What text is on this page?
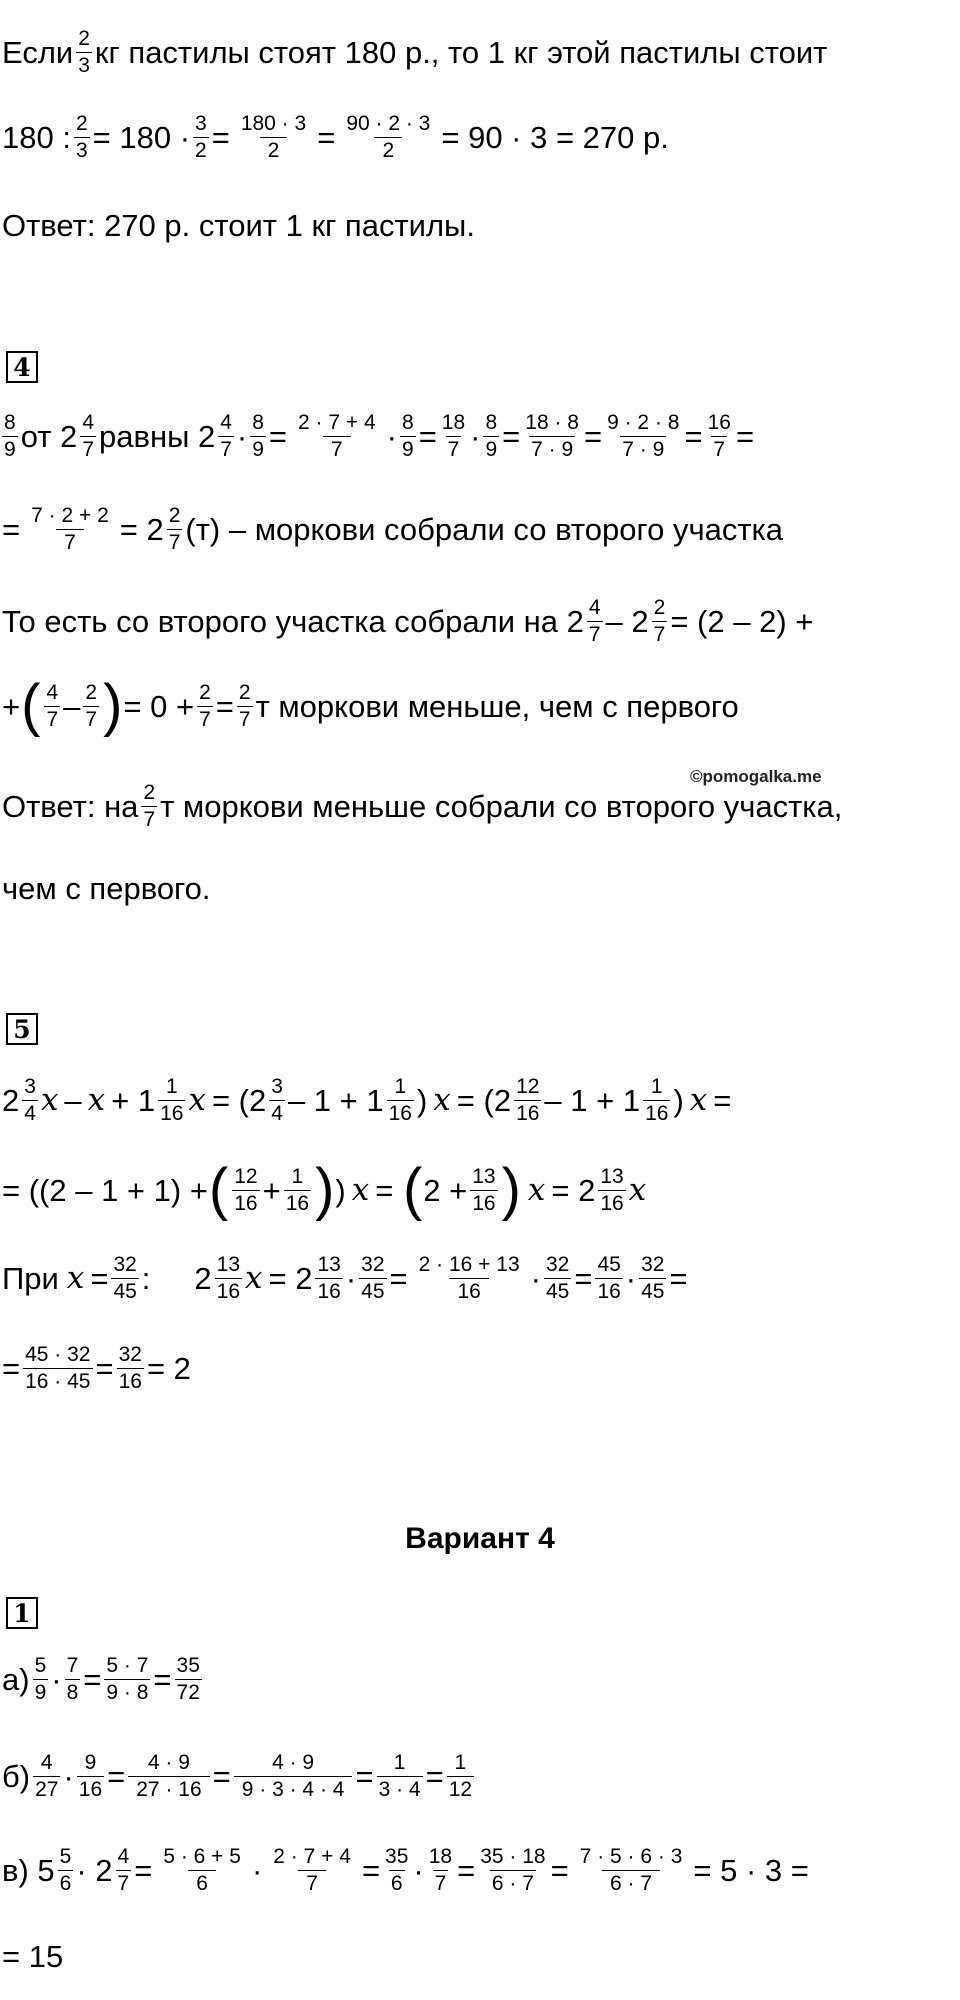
Если $\frac{2}{3}$ кг пастилы стоят 180 р., то 1 кг этой пастилы стоит
180 : $\frac{2}{3} = 180 \cdot \frac{3}{2} = \frac{180 \cdot 3}{2} = \frac{90 \cdot 2 \cdot 3}{2} = 90 \cdot 3 = 270$ р.
Ответ: 270 р. стоит 1 кг пастилы.
4
$\frac{8}{9}$ от $2 \frac{4}{7}$ равны $2 \frac{4}{7} \cdot \frac{8}{9} = \frac{2 \cdot 7 + 4}{7} \cdot \frac{8}{9} = \frac{18}{7} \cdot \frac{8}{9} = \frac{18 \cdot 8}{7 \cdot 9} = \frac{9 \cdot 2 \cdot 8}{7 \cdot 9} = \frac{16}{7}$ =
= $\frac{7 \cdot 2 + 2}{7} = 2 \frac{2}{7} (т)$ – моркови собрали со второго участка
То есть со второго участка собрали на $2 \frac{4}{7} - 2 \frac{2}{7} = (2 - 2)$ +
+ ( $\frac{4}{7} - \frac{2}{7}$ ) = $0 + \frac{2}{7} = \frac{2}{7}$ т моркови меньше, чем с первого
©pomogalka.me
Ответ: на $\frac{2}{7}$ т моркови меньше собрали со второго участка,
чем с первого.
5
$2 \frac{3}{4}$ $x - x + 1 \frac{1}{16}$ $x = (2 \frac{3}{4} - 1 + 1 \frac{1}{16}$ ) $x = (2 \frac{12}{16} - 1 + 1 \frac{1}{16}$ ) x =
= ((2 – 1 + 1) + ( $\frac{12}{16} + \frac{1}{16}$ ) ) x = ( $2 + \frac{13}{16}$ ) $x = 2 \frac{13}{16}$ x
При $x = \frac{32}{45}$ : $2 \frac{13}{16}$ $x = 2 \frac{13}{16} \cdot \frac{32}{45} = \frac{2 \cdot 16 + 13}{16} \cdot \frac{32}{45} = \frac{45}{16} \cdot \frac{32}{45}$ =
= $\frac{45 \cdot 32}{16 \cdot 45} = \frac{32}{16} = 2$
Вариант 4
1
$а) \frac{5}{9} \cdot \frac{7}{8} = \frac{5 \cdot 7}{9 \cdot 8} = \frac{35}{72}$
$б) \frac{4}{27} \cdot \frac{9}{16} = \frac{4 \cdot 9}{27 \cdot 16} = \frac{4 \cdot 9}{9 \cdot 3 \cdot 4 \cdot 4} = \frac{1}{3 \cdot 4} = \frac{1}{12}$
в) $5 \frac{5}{6} \cdot 2 \frac{4}{7} = \frac{5 \cdot 6 + 5}{6} \cdot \frac{2 \cdot 7 + 4}{7} = \frac{35}{6} \cdot \frac{18}{7} = \frac{35 \cdot 18}{6 \cdot 7} = \frac{7 \cdot 5 \cdot 6 \cdot 3}{6 \cdot 7} = 5 \cdot 3$ =
= 15
